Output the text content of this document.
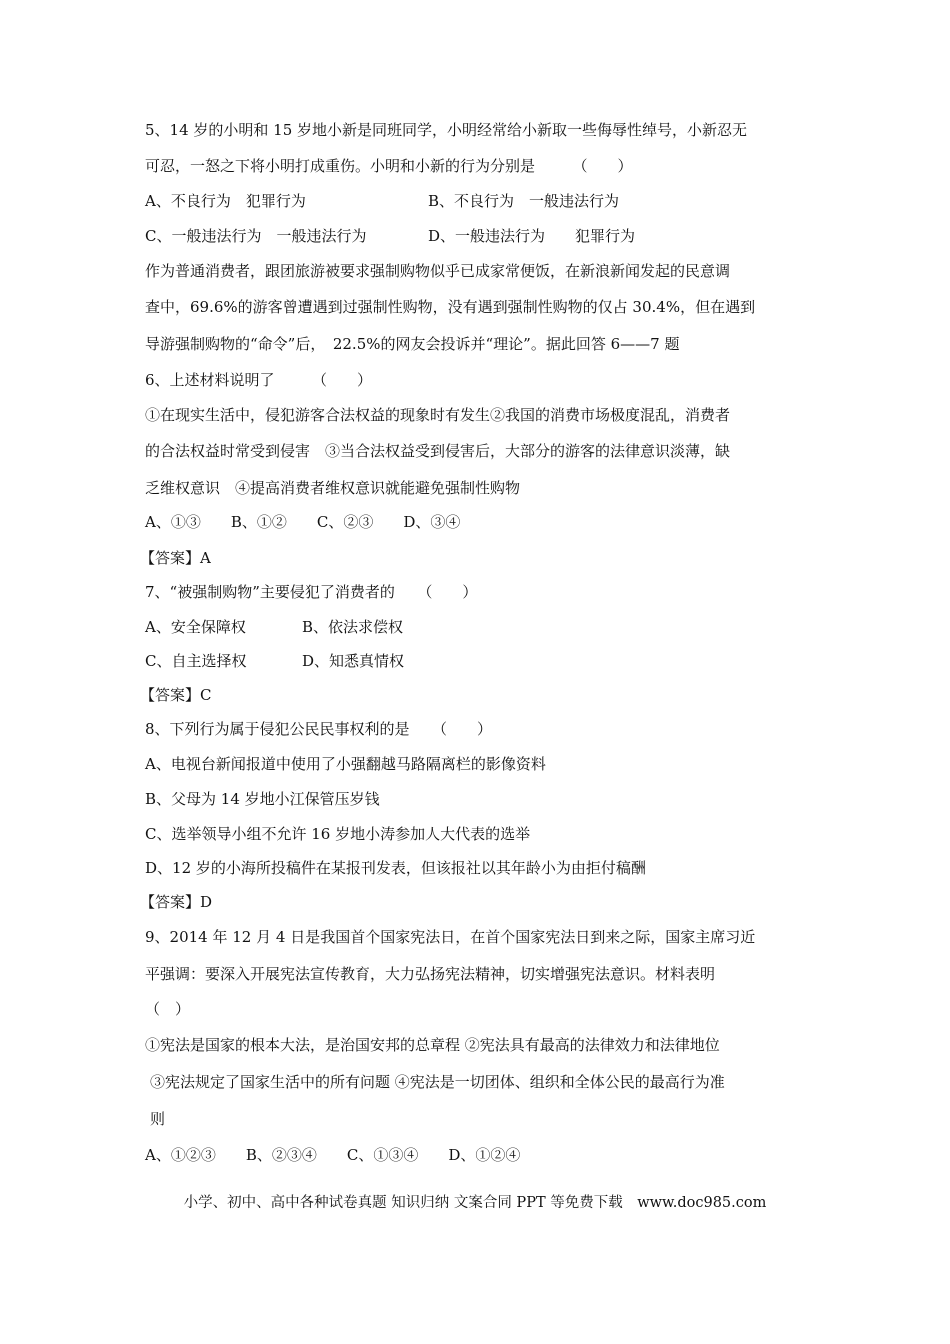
5、14 岁的小明和 15 岁地小新是同班同学，小明经常给小新取一些侮辱性绰号，小新忍无
可忍，一怒之下将小明打成重伤。小明和小新的行为分别是　　　（　　）
A、不良行为　犯罪行为	B、不良行为　一般违法行为
C、一般违法行为　一般违法行为	D、一般违法行为　　犯罪行为
作为普通消费者，跟团旅游被要求强制购物似乎已成家常便饭，在新浪新闻发起的民意调
查中，69.6%的游客曾遭遇到过强制性购物，没有遇到强制性购物的仅占 30.4%，但在遇到
导游强制购物的“命令”后，　22.5%的网友会投诉并“理论”。据此回答 6——7 题
6、上述材料说明了　　　（　　）
①在现实生活中，侵犯游客合法权益的现象时有发生②我国的消费市场极度混乱，消费者
的合法权益时常受到侵害　③当合法权益受到侵害后，大部分的游客的法律意识淡薄，缺
乏维权意识　④提高消费者维权意识就能避免强制性购物
A、①③　　B、①②　　C、②③　　D、③④
【答案】A
7、“被强制购物”主要侵犯了消费者的　　（　　）
A、安全保障权	B、依法求偿权
C、自主选择权	D、知悉真情权
【答案】C
8、下列行为属于侵犯公民民事权利的是　　（　　）
A、电视台新闻报道中使用了小强翻越马路隔离栏的影像资料
B、父母为 14 岁地小江保管压岁钱
C、选举领导小组不允许 16 岁地小涛参加人大代表的选举
D、12 岁的小海所投稿件在某报刊发表，但该报社以其年龄小为由拒付稿酬
【答案】D
9、2014 年 12 月 4 日是我国首个国家宪法日，在首个国家宪法日到来之际，国家主席习近
平强调：要深入开展宪法宣传教育，大力弘扬宪法精神，切实增强宪法意识。材料表明
（　）
①宪法是国家的根本大法，是治国安邦的总章程 ②宪法具有最高的法律效力和法律地位
③宪法规定了国家生活中的所有问题 ④宪法是一切团体、组织和全体公民的最高行为准
则
A、①②③　　B、②③④　　C、①③④　　D、①②④
小学、初中、高中各种试卷真题 知识归纳 文案合同 PPT 等免费下载　www.doc985.com
